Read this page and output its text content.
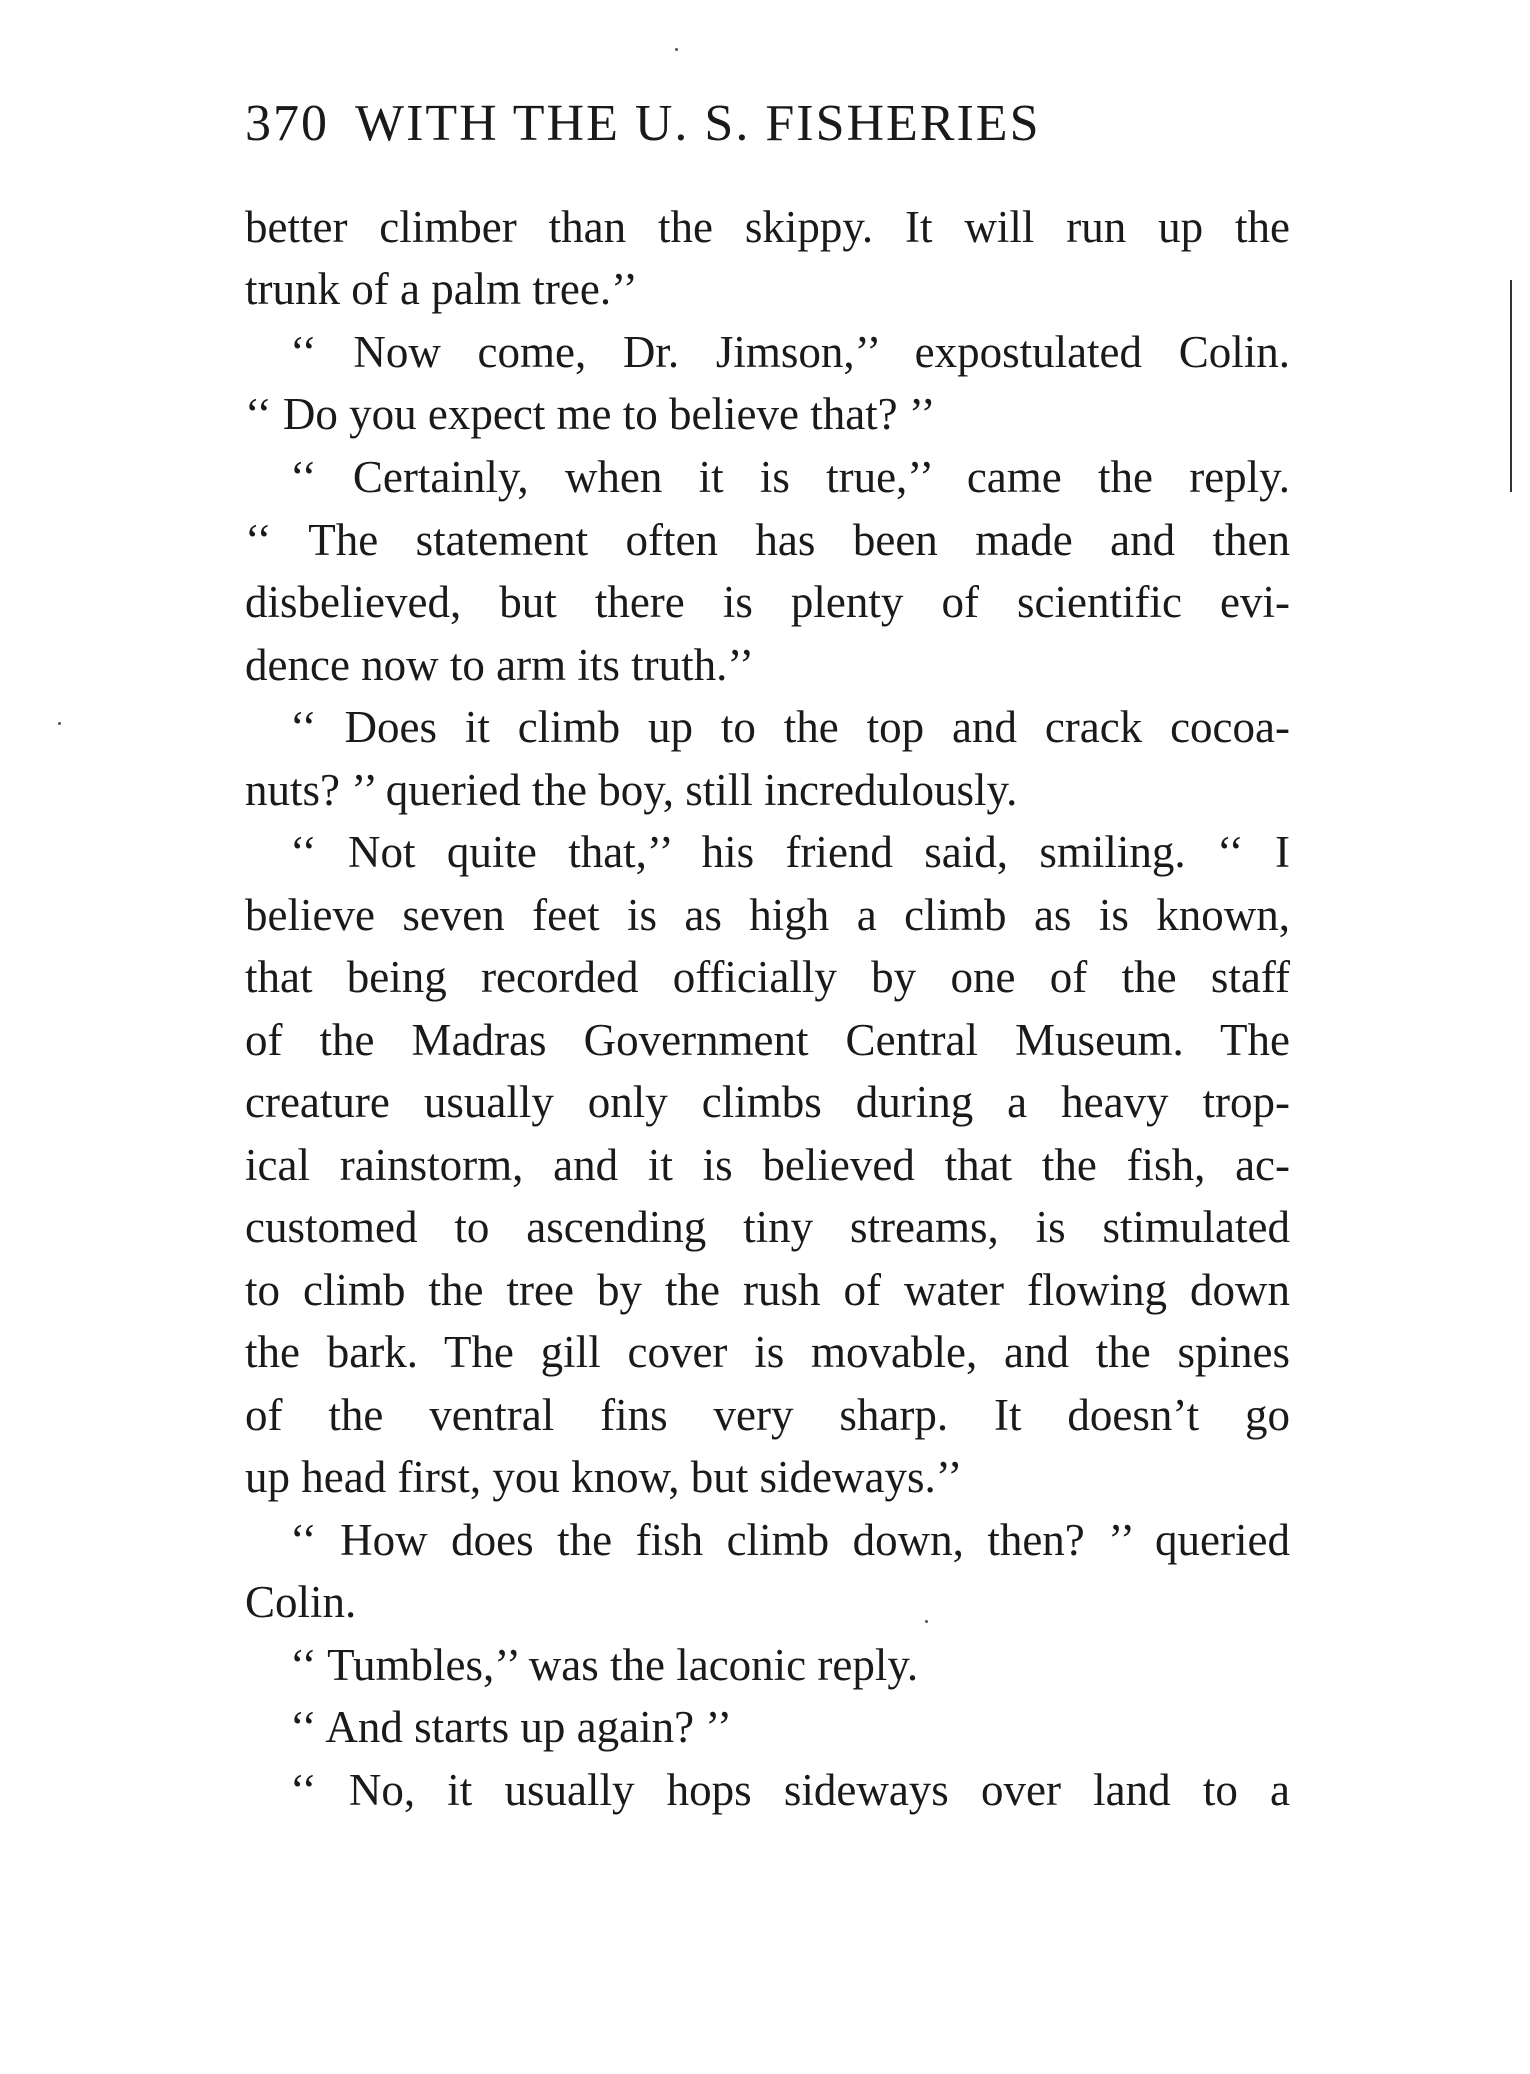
370 WITH THE U. S. FISHERIES
better climber than the skippy. It will run up the
trunk of a palm tree.’’
‘‘ Now come, Dr. Jimson,’’ expostulated Colin.
‘‘ Do you expect me to believe that? ’’
‘‘ Certainly, when it is true,’’ came the reply.
‘‘ The statement often has been made and then
disbelieved, but there is plenty of scientific evi-
dence now to arm its truth.’’
‘‘ Does it climb up to the top and crack cocoa-
nuts? ’’ queried the boy, still incredulously.
‘‘ Not quite that,’’ his friend said, smiling. ‘‘ I
believe seven feet is as high a climb as is known,
that being recorded officially by one of the staff
of the Madras Government Central Museum. The
creature usually only climbs during a heavy trop-
ical rainstorm, and it is believed that the fish, ac-
customed to ascending tiny streams, is stimulated
to climb the tree by the rush of water flowing down
the bark. The gill cover is movable, and the spines
of the ventral fins very sharp. It doesn’t go
up head first, you know, but sideways.’’
‘‘ How does the fish climb down, then? ’’ queried
Colin.
‘‘ Tumbles,’’ was the laconic reply.
‘‘ And starts up again? ’’
‘‘ No, it usually hops sideways over land to a
